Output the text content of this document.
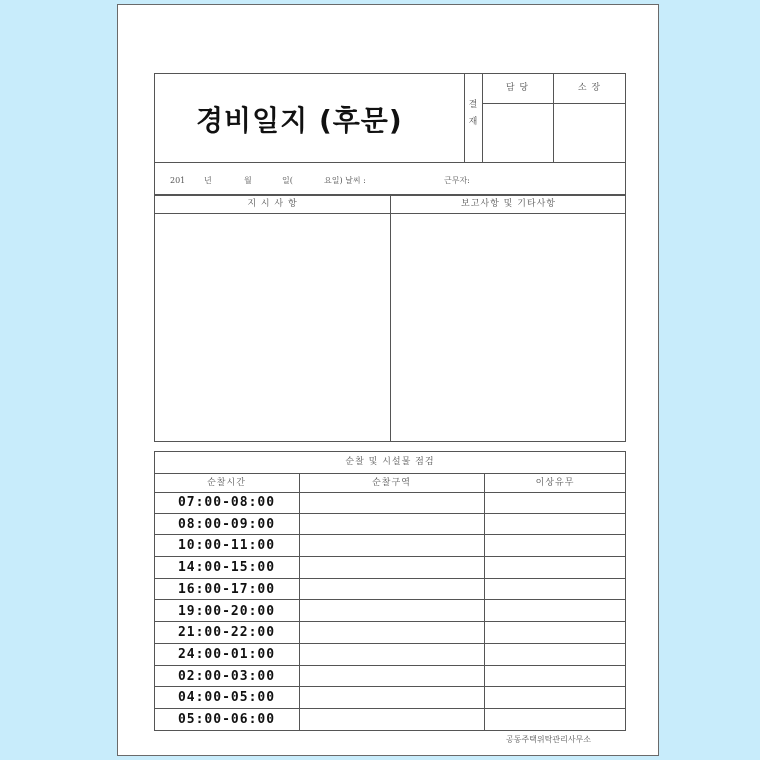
경비일지 (후문)	결 재
담 당	소 장
201 년	월	일(	요일) 날씨 :	근무자:
지 시 사 항	보고사항 및 기타사항
순찰 및 시설물 점검
순찰시간	순찰구역	이상유무
07:00-08:00
08:00-09:00
10:00-11:00
14:00-15:00
16:00-17:00
19:00-20:00
21:00-22:00
24:00-01:00
02:00-03:00
04:00-05:00
05:00-06:00
공동주택위탁관리사무소
